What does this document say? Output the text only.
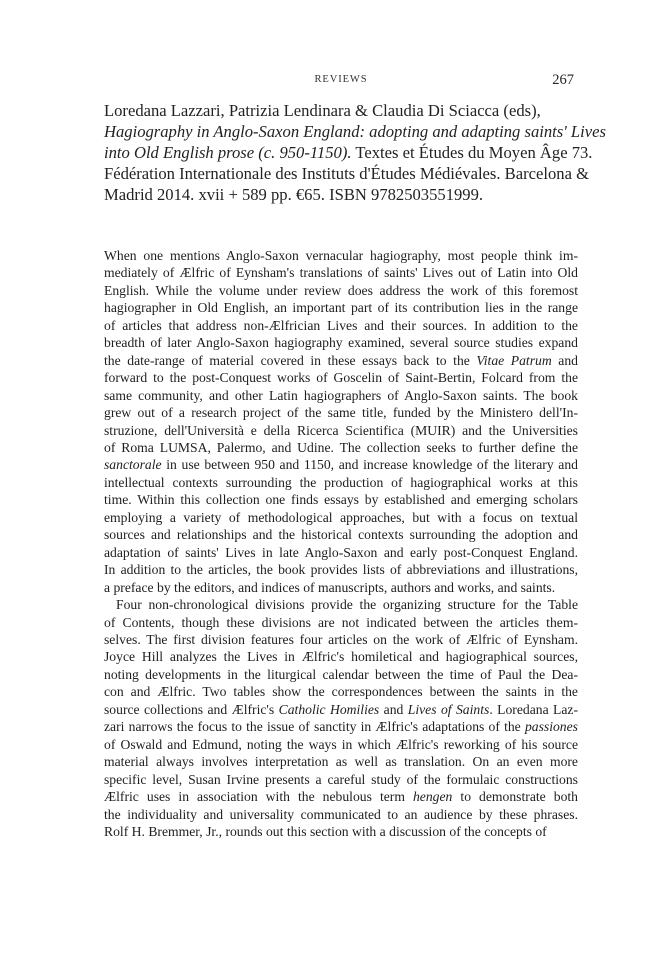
REVIEWS	267
Loredana Lazzari, Patrizia Lendinara & Claudia Di Sciacca (eds),
Hagiography in Anglo-Saxon England: adopting and adapting saints' Lives
into Old English prose (c. 950-1150). Textes et Études du Moyen Âge 73.
Fédération Internationale des Instituts d'Études Médiévales. Barcelona &
Madrid 2014. xvii + 589 pp. €65. ISBN 9782503551999.
When one mentions Anglo-Saxon vernacular hagiography, most people think im-
mediately of Ælfric of Eynsham's translations of saints' Lives out of Latin into Old
English. While the volume under review does address the work of this foremost
hagiographer in Old English, an important part of its contribution lies in the range
of articles that address non-Ælfrician Lives and their sources. In addition to the
breadth of later Anglo-Saxon hagiography examined, several source studies expand
the date-range of material covered in these essays back to the Vitae Patrum and
forward to the post-Conquest works of Goscelin of Saint-Bertin, Folcard from the
same community, and other Latin hagiographers of Anglo-Saxon saints. The book
grew out of a research project of the same title, funded by the Ministero dell'In-
struzione, dell'Università e della Ricerca Scientifica (MUIR) and the Universities
of Roma LUMSA, Palermo, and Udine. The collection seeks to further define the
sanctorale in use between 950 and 1150, and increase knowledge of the literary and
intellectual contexts surrounding the production of hagiographical works at this
time. Within this collection one finds essays by established and emerging scholars
employing a variety of methodological approaches, but with a focus on textual
sources and relationships and the historical contexts surrounding the adoption and
adaptation of saints' Lives in late Anglo-Saxon and early post-Conquest England.
In addition to the articles, the book provides lists of abbreviations and illustrations,
a preface by the editors, and indices of manuscripts, authors and works, and saints.
Four non-chronological divisions provide the organizing structure for the Table
of Contents, though these divisions are not indicated between the articles them-
selves. The first division features four articles on the work of Ælfric of Eynsham.
Joyce Hill analyzes the Lives in Ælfric's homiletical and hagiographical sources,
noting developments in the liturgical calendar between the time of Paul the Dea-
con and Ælfric. Two tables show the correspondences between the saints in the
source collections and Ælfric's Catholic Homilies and Lives of Saints. Loredana Laz-
zari narrows the focus to the issue of sanctity in Ælfric's adaptations of the passiones
of Oswald and Edmund, noting the ways in which Ælfric's reworking of his source
material always involves interpretation as well as translation. On an even more
specific level, Susan Irvine presents a careful study of the formulaic constructions
Ælfric uses in association with the nebulous term hengen to demonstrate both
the individuality and universality communicated to an audience by these phrases.
Rolf H. Bremmer, Jr., rounds out this section with a discussion of the concepts of
